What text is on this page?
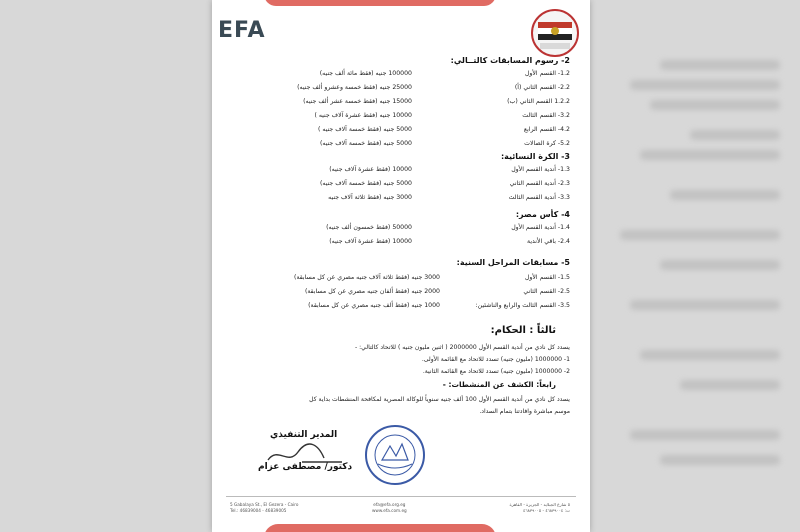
EFA
2- رسوم المسابقات كالتــالي:
1.2- القسم الأول
100000 جنيه (فقط مائة ألف جنيه)
2.2- القسم الثاني (أ)
25000 جنيه (فقط خمسة وعشرو ألف جنيه)
1.2.2 القسم الثاني (ب)
15000 جنيه (فقط خمسة عشر ألف جنيه)
3.2- القسم الثالث
10000 جنيه (فقط عشرة آلاف جنيه )
4.2- القسم الرابع
5000 جنيه (فقط خمسة آلاف جنيه )
5.2- كرة الصالات
5000 جنيه (فقط خمسة آلاف جنيه)
3- الكرة النسائية:
1.3- أندية القسم الأول
10000 (فقط عشرة آلاف جنيه)
2.3- أندية القسم الثاني
5000 جنيه (فقط خمسة آلاف جنيه)
3.3- أندية القسم الثالث
3000 جنيه (فقط ثلاثة آلاف جنيه
4- كأس مصر:
1.4- أندية القسم الأول
50000 (فقط خمسون ألف جنيه)
2.4- باقي الأندية
10000 (فقط عشرة آلاف جنيه)
5- مسابقات المراحل السنية:
1.5- القسم الأول
3000 جنيه (فقط ثلاثة آلاف جنيه مصري عن كل مسابقة)
2.5- القسم الثاني
2000 جنيه (فقط ألفان جنيه مصري عن كل مسابقة)
3.5- القسم الثالث والرابع والناشئين:
1000 جنيه (فقط ألف جنيه مصري عن كل مسابقة)
ثالثاً : الحكام:
يسدد كل نادي من أندية القسم الأول 2000000 ( اثنين مليون جنيه ) للاتحاد كالتالي: -
1- 1000000 (مليون جنيه) تسدد للاتحاد مع القائمة الأولى.
2- 1000000 (مليون جنيه) تسدد للاتحاد مع القائمة الثانية.
رابعاً: الكشف عن المنشطات: -
يسدد كل نادي من أندية القسم الأول 100 ألف جنيه سنوياً للوكالة المصرية لمكافحة المنشطات بداية كل
موسم مباشرة وافادتنا بتمام السداد.
المدير التنفيذي
دكتور/ مصطفى عزام
5 Gabalaya St., El Gezera - Cairo
Tel.: 46839004 - 46839005
efa@efa.org.eg
www.efa.com.eg
٥ شارع الجبلاية - الجزيرة - القاهرة
ت: ٤٦٨٣٩٠٠٤ - ٤٦٨٣٩٠٠٥
